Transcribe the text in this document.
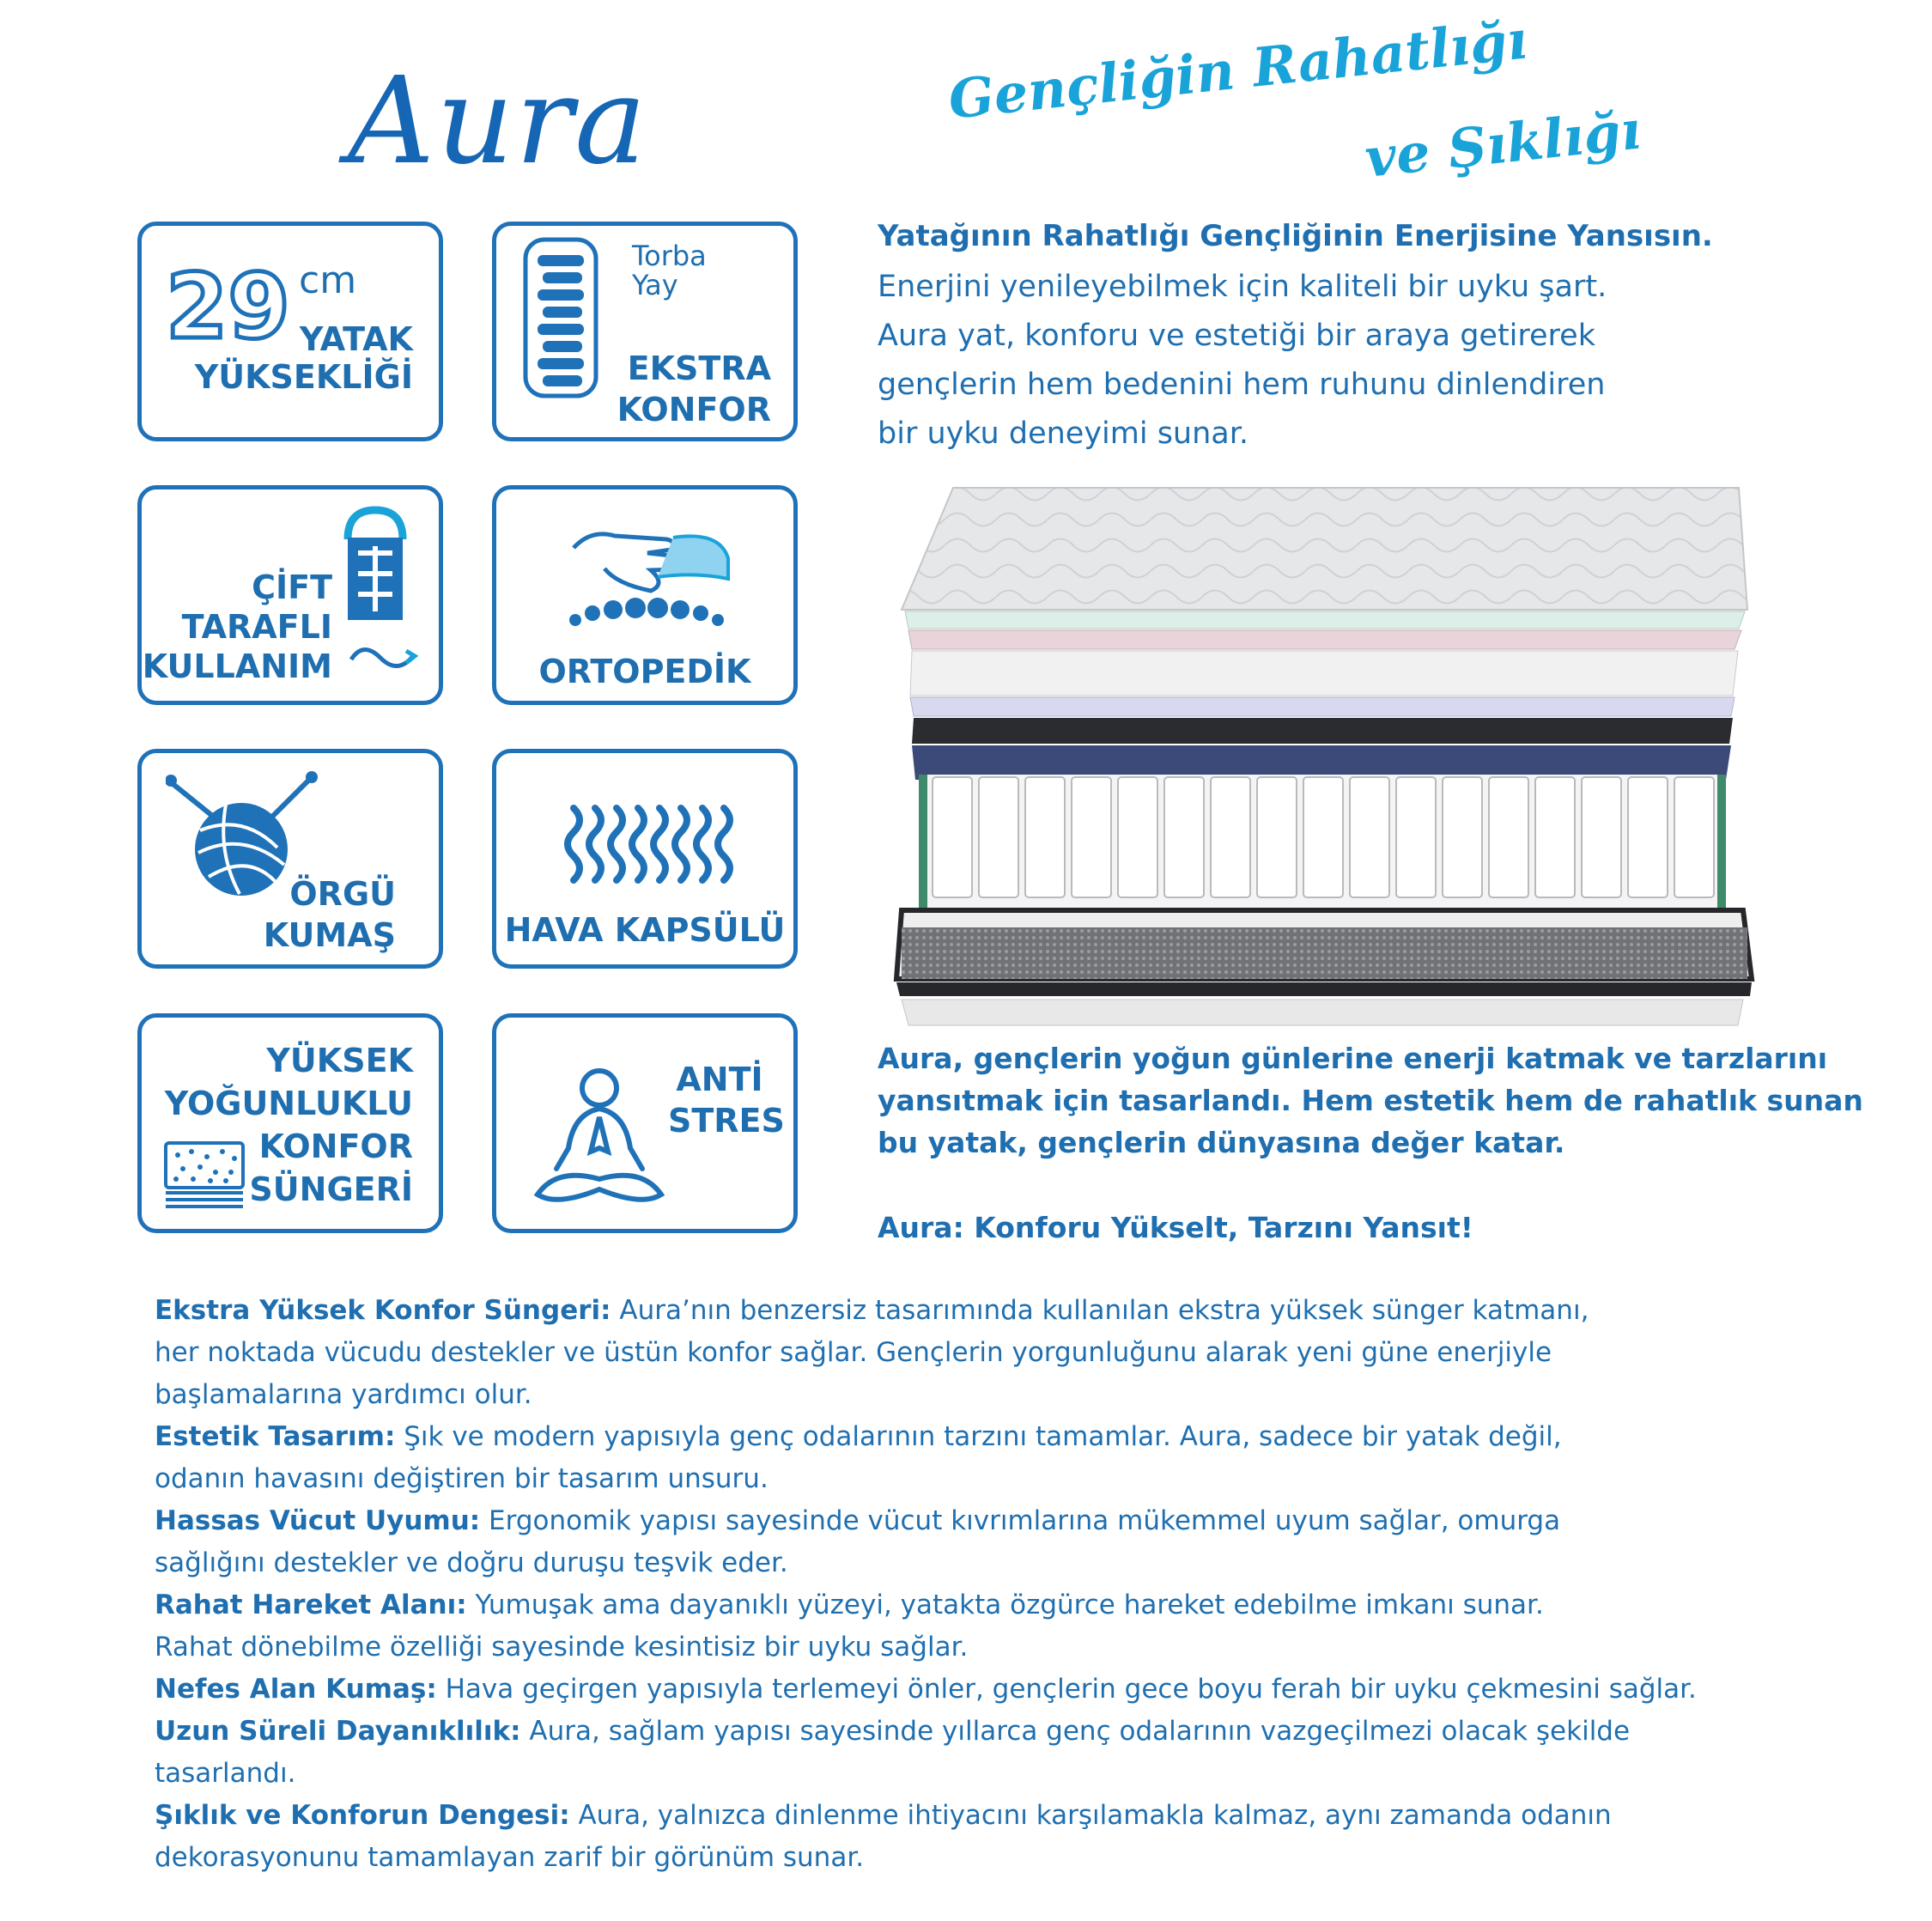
Aura	Gençliğin Rahatlığı
ve Şıklığı
29 cm
YATAK
YÜKSEKLİĞİ
Torba
Yay
EKSTRA
KONFOR
ÇİFT
TARAFLI
KULLANIM	ORTOPEDİK
ÖRGÜ
KUMAŞ	HAVA KAPSÜLÜ
YÜKSEK
YOĞUNLUKLU
KONFOR
SÜNGERİ
ANTİ
STRES
Yatağının Rahatlığı Gençliğinin Enerjisine Yansısın.
Enerjini yenileyebilmek için kaliteli bir uyku şart.
Aura yat, konforu ve estetiği bir araya getirerek
gençlerin hem bedenini hem ruhunu dinlendiren
bir uyku deneyimi sunar.
Aura, gençlerin yoğun günlerine enerji katmak ve tarzlarını
yansıtmak için tasarlandı. Hem estetik hem de rahatlık sunan
bu yatak, gençlerin dünyasına değer katar.
Aura: Konforu Yükselt, Tarzını Yansıt!

Ekstra Yüksek Konfor Süngeri: Aura’nın benzersiz tasarımında kullanılan ekstra yüksek sünger katmanı,

her noktada vücudu destekler ve üstün konfor sağlar. Gençlerin yorgunluğunu alarak yeni güne enerjiyle

başlamalarına yardımcı olur.

Estetik Tasarım: Şık ve modern yapısıyla genç odalarının tarzını tamamlar. Aura, sadece bir yatak değil,

odanın havasını değiştiren bir tasarım unsuru.

Hassas Vücut Uyumu: Ergonomik yapısı sayesinde vücut kıvrımlarına mükemmel uyum sağlar, omurga

sağlığını destekler ve doğru duruşu teşvik eder.

Rahat Hareket Alanı: Yumuşak ama dayanıklı yüzeyi, yatakta özgürce hareket edebilme imkanı sunar.

Rahat dönebilme özelliği sayesinde kesintisiz bir uyku sağlar.

Nefes Alan Kumaş: Hava geçirgen yapısıyla terlemeyi önler, gençlerin gece boyu ferah bir uyku çekmesini sağlar.

Uzun Süreli Dayanıklılık: Aura, sağlam yapısı sayesinde yıllarca genç odalarının vazgeçilmezi olacak şekilde

tasarlandı.

Şıklık ve Konforun Dengesi: Aura, yalnızca dinlenme ihtiyacını karşılamakla kalmaz, aynı zamanda odanın

dekorasyonunu tamamlayan zarif bir görünüm sunar.
